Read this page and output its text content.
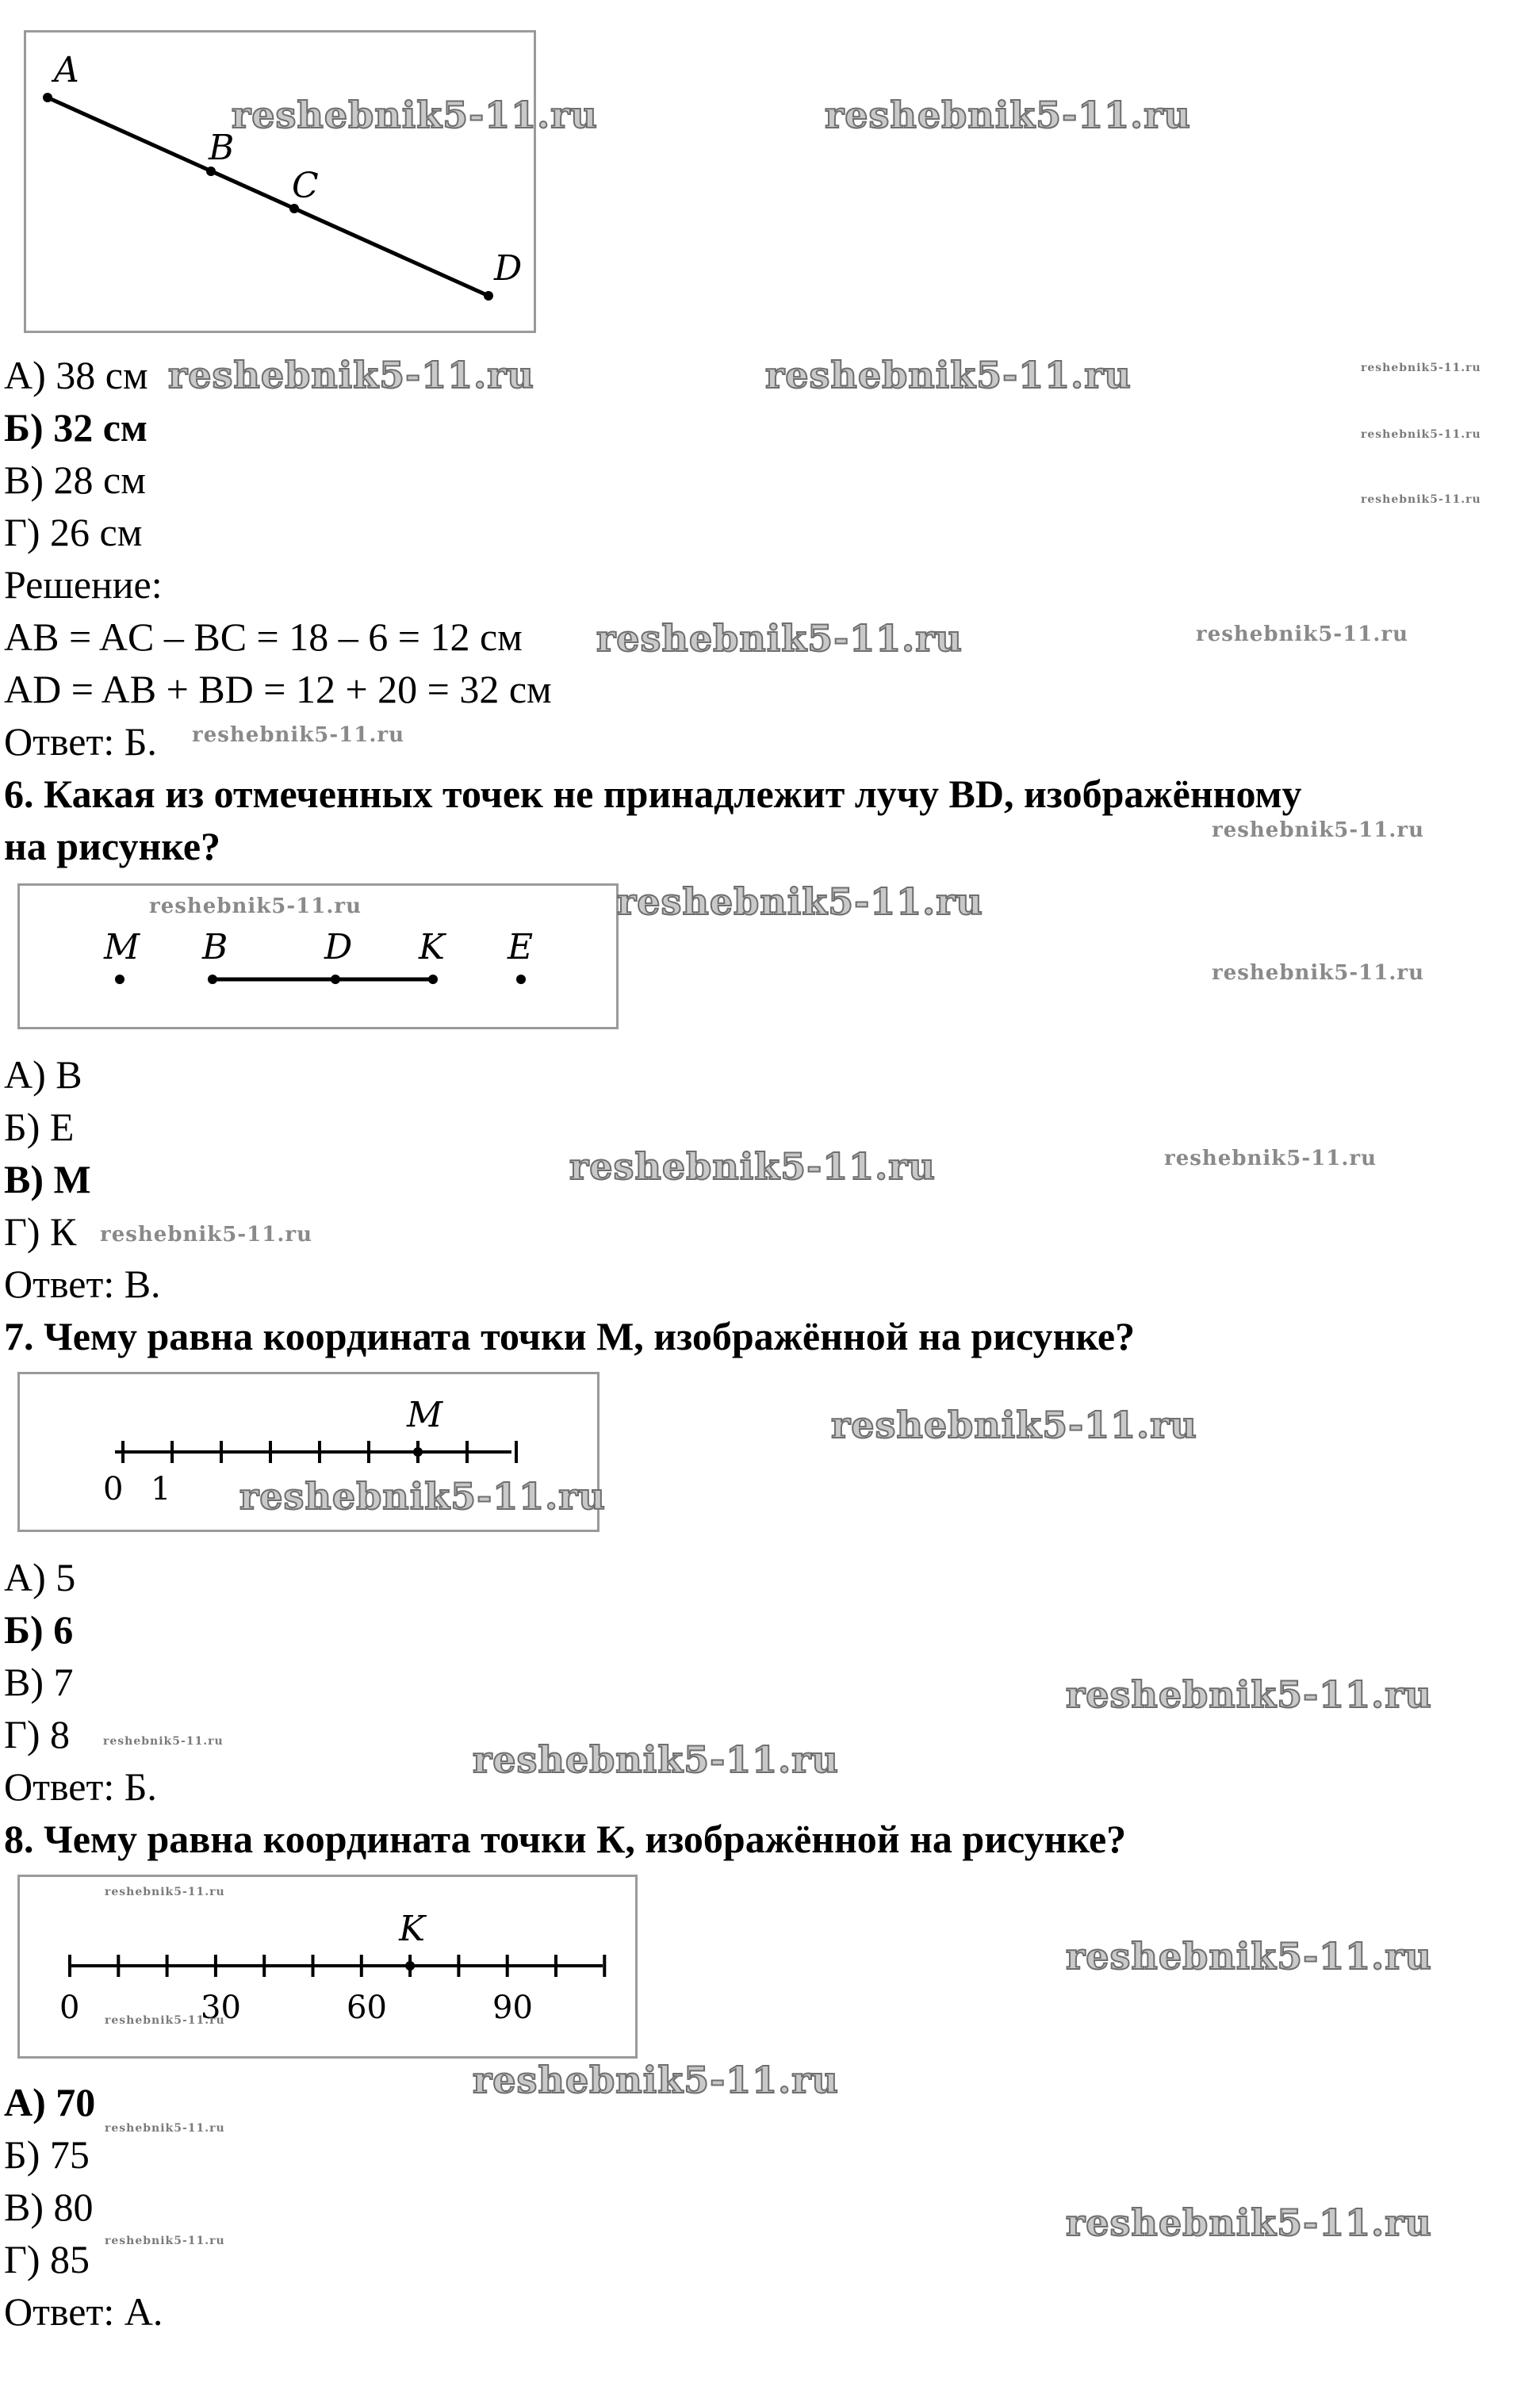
A
B
C
D
А) 38 см
Б) 32 см
В) 28 см
Г) 26 см
Решение:
AB = AC – BC = 18 – 6 = 12 см
AD = AB + BD = 12 + 20 = 32 см
Ответ: Б.
6. Какая из отмеченных точек не принадлежит лучу BD, изображённому
на рисунке?
M B	D K E
А) B
Б) E
В) M
Г) К
Ответ: В.
7. Чему равна координата точки M, изображённой на рисунке?
M
0 1
А) 5
Б) 6
В) 7
Г) 8
Ответ: Б.
8. Чему равна координата точки К, изображённой на рисунке?
K
0	30	60	90
А) 70
Б) 75
В) 80
Г) 85
Ответ: А.
reshebnik5-11.ru	reshebnik5-11.ru
reshebnik5-11.ru	reshebnik5-11.ru	reshebnik5-11.ru
reshebnik5-11.ru
reshebnik5-11.ru
reshebnik5-11.ru	reshebnik5-11.ru
reshebnik5-11.ru
reshebnik5-11.ru
reshebnik5-11.ru	reshebnik5-11.ru
reshebnik5-11.ru
reshebnik5-11.ru	reshebnik5-11.ru
reshebnik5-11.ru
reshebnik5-11.ru
reshebnik5-11.ru
reshebnik5-11.ru
reshebnik5-11.ru	reshebnik5-11.ru
reshebnik5-11.ru
reshebnik5-11.ru
reshebnik5-11.ru
reshebnik5-11.ru
reshebnik5-11.ru
reshebnik5-11.ru
reshebnik5-11.ru
